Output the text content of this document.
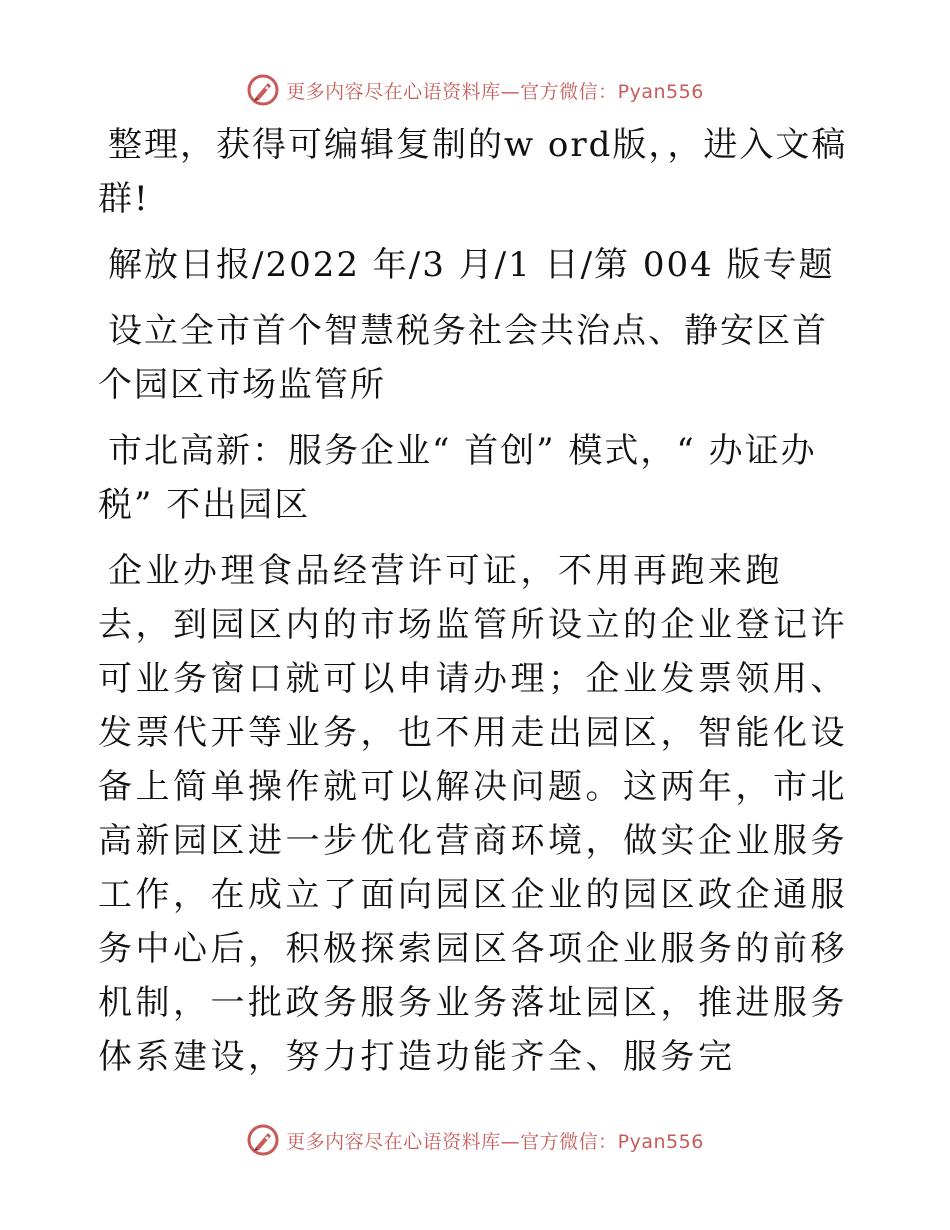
更多内容尽在心语资料库—官方微信：Pyan556

整理，获得可编辑复制的w ord版，，进入文稿群!

解放日报/2022 年/3 月/1 日/第 004 版专题

设立全市首个智慧税务社会共治点、静安区首个园区市场监管所

市北高新：服务企业“ 首创” 模式，“ 办证办税” 不出园区

企业办理食品经营许可证，不用再跑来跑去，到园区内的市场监管所设立的企业登记许可业务窗口就可以申请办理；企业发票领用、发票代开等业务，也不用走出园区，智能化设备上简单操作就可以解决问题。这两年，市北高新园区进一步优化营商环境，做实企业服务工作，在成立了面向园区企业的园区政企通服务中心后，积极探索园区各项企业服务的前移机制，一批政务服务业务落址园区，推进服务体系建设，努力打造功能齐全、服务完

更多内容尽在心语资料库—官方微信：Pyan556
